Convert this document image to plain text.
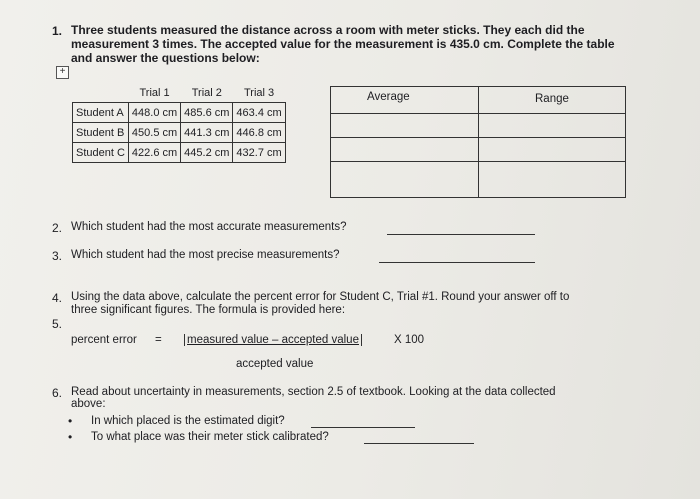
1. Three students measured the distance across a room with meter sticks. They each did the
measurement 3 times. The accepted value for the measurement is 435.0 cm. Complete the table
and answer the questions below:
+
	Trial 1	Trial 2	Trial 3
Student A	448.0 cm	485.6 cm	463.4 cm
Student B	450.5 cm	441.3 cm	446.8 cm
Student C	422.6 cm	445.2 cm	432.7 cm
Average	Range
2. Which student had the most accurate measurements?
3. Which student had the most precise measurements?
4. Using the data above, calculate the percent error for Student C, Trial #1. Round your answer off to
three significant figures. The formula is provided here:
5.
percent error = measured value – accepted value	X 100
accepted value
6. Read about uncertainty in measurements, section 2.5 of textbook. Looking at the data collected
above:
• In which placed is the estimated digit?
• To what place was their meter stick calibrated?
